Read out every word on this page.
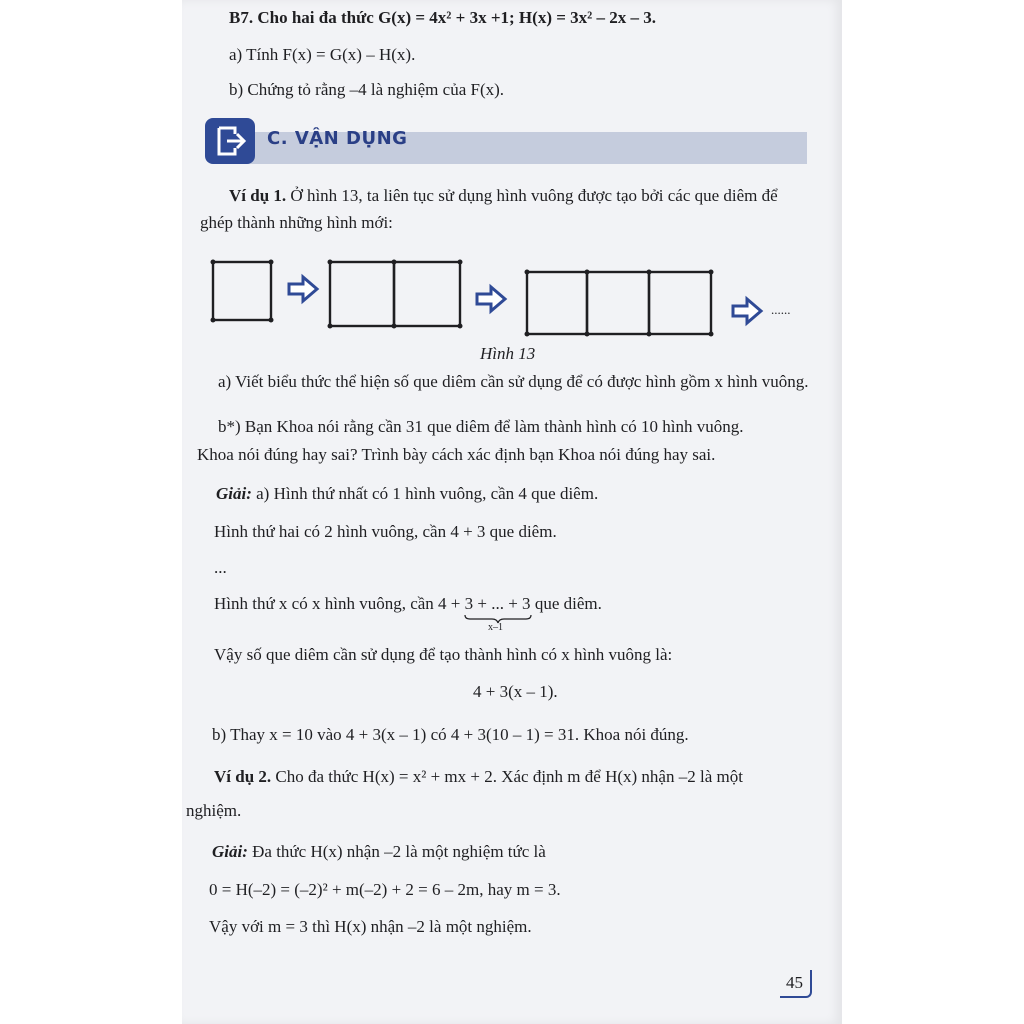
B7. Cho hai đa thức G(x) = 4x² + 3x +1; H(x) = 3x² – 2x – 3.
a) Tính F(x) = G(x) – H(x).
b) Chứng tỏ rằng –4 là nghiệm của F(x).
C. VẬN DỤNG
Ví dụ 1. Ở hình 13, ta liên tục sử dụng hình vuông được tạo bởi các que diêm để
ghép thành những hình mới:
......
Hình 13
a) Viết biểu thức thể hiện số que diêm cần sử dụng để có được hình gồm x hình vuông.
b*) Bạn Khoa nói rằng cần 31 que diêm để làm thành hình có 10 hình vuông.
Khoa nói đúng hay sai? Trình bày cách xác định bạn Khoa nói đúng hay sai.
Giải: a) Hình thứ nhất có 1 hình vuông, cần 4 que diêm.
Hình thứ hai có 2 hình vuông, cần 4 + 3 que diêm.
...
Hình thứ x có x hình vuông, cần 4 + 3 + ... + 3
x–1
que diêm.
Vậy số que diêm cần sử dụng để tạo thành hình có x hình vuông là:
4 + 3(x – 1).
b) Thay x = 10 vào 4 + 3(x – 1) có 4 + 3(10 – 1) = 31. Khoa nói đúng.
Ví dụ 2. Cho đa thức H(x) = x² + mx + 2. Xác định m để H(x) nhận –2 là một
nghiệm.
Giải: Đa thức H(x) nhận –2 là một nghiệm tức là
0 = H(–2) = (–2)² + m(–2) + 2 = 6 – 2m, hay m = 3.
Vậy với m = 3 thì H(x) nhận –2 là một nghiệm.
45
